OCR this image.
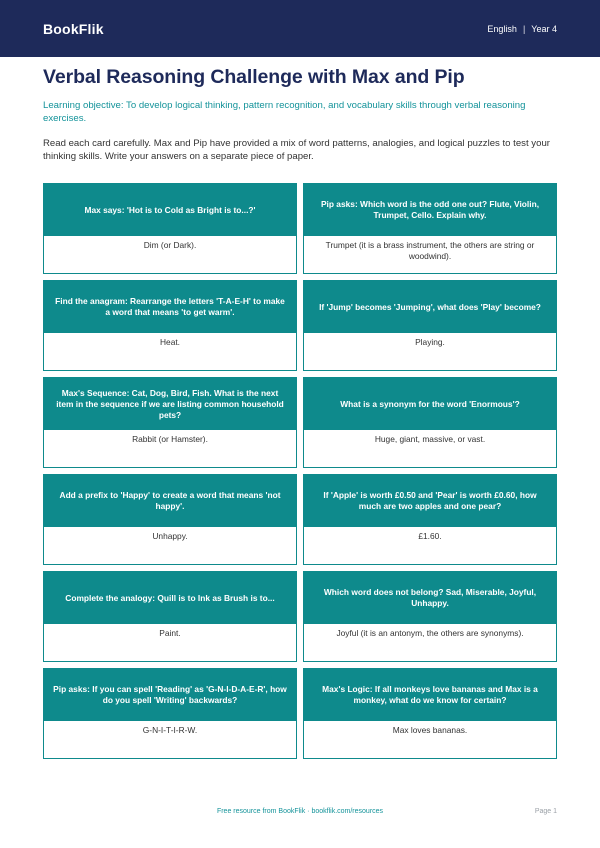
BookFlik	English | Year 4
Verbal Reasoning Challenge with Max and Pip

Learning objective: To develop logical thinking, pattern recognition, and vocabulary skills through verbal reasoning exercises.

Read each card carefully. Max and Pip have provided a mix of word patterns, analogies, and logical puzzles to test your thinking skills. Write your answers on a separate piece of paper.

Max says: 'Hot is to Cold as Bright is to...?'
Dim (or Dark).
Pip asks: Which word is the odd one out? Flute, Violin, Trumpet, Cello. Explain why.
Trumpet (it is a brass instrument, the others are string or woodwind).
Find the anagram: Rearrange the letters 'T-A-E-H' to make a word that means 'to get warm'.
Heat.
If 'Jump' becomes 'Jumping', what does 'Play' become?
Playing.
Max's Sequence: Cat, Dog, Bird, Fish. What is the next item in the sequence if we are listing common household pets?
Rabbit (or Hamster).
What is a synonym for the word 'Enormous'?
Huge, giant, massive, or vast.
Add a prefix to 'Happy' to create a word that means 'not happy'.
Unhappy.
If 'Apple' is worth £0.50 and 'Pear' is worth £0.60, how much are two apples and one pear?
£1.60.
Complete the analogy: Quill is to Ink as Brush is to...
Paint.
Which word does not belong? Sad, Miserable, Joyful, Unhappy.
Joyful (it is an antonym, the others are synonyms).
Pip asks: If you can spell 'Reading' as 'G-N-I-D-A-E-R', how do you spell 'Writing' backwards?
G-N-I-T-I-R-W.
Max's Logic: If all monkeys love bananas and Max is a monkey, what do we know for certain?
Max loves bananas.
Free resource from BookFlik · bookflik.com/resources	Page 1
